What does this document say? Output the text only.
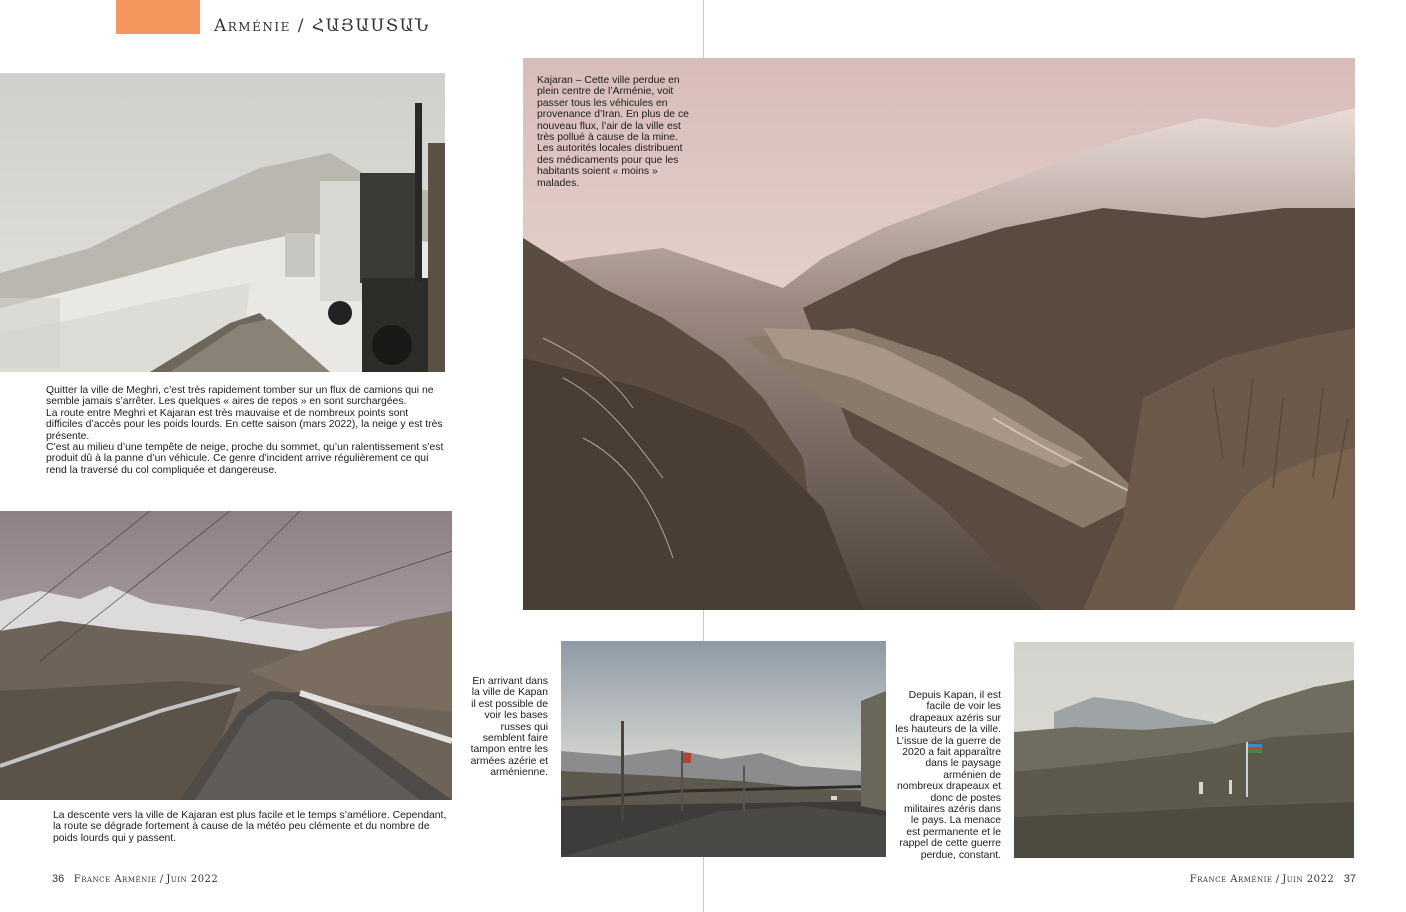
Arménie / ՀԱՅԱՍՏԱՆ
Quitter la ville de Meghri, c’est très rapidement tomber sur un flux de camions qui ne semble jamais s’arrêter. Les quelques « aires de repos » en sont surchargées.
La route entre Meghri et Kajaran est très mauvaise et de nombreux points sont difficiles d’accès pour les poids lourds. En cette saison (mars 2022), la neige y est très présente.
C’est au milieu d’une tempête de neige, proche du sommet, qu’un ralentissement s’est produit dû à la panne d’un véhicule. Ce genre d’incident arrive régulièrement ce qui rend la traversé du col compliquée et dangereuse.
La descente vers la ville de Kajaran est plus facile et le temps s’améliore. Cependant, la route se dégrade fortement à cause de la météo peu clémente et du nombre de poids lourds qui y passent.
Kajaran – Cette ville perdue en plein centre de l’Arménie, voit passer tous les véhicules en provenance d’Iran. En plus de ce nouveau flux, l’air de la ville est très pollué à cause de la mine. Les autorités locales distribuent des médicaments pour que les habitants soient « moins » malades.
En arrivant dans la ville de Kapan il est possible de voir les bases russes qui semblent faire tampon entre les armées azérie et arménienne.
Depuis Kapan, il est facile de voir les drapeaux azéris sur les hauteurs de la ville. L’issue de la guerre de 2020 a fait apparaître dans le paysage arménien de nombreux drapeaux et donc de postes militaires azéris dans le pays. La menace est permanente et le rappel de cette guerre perdue, constant.
36 France Arménie / Juin 2022	France Arménie / Juin 2022 37
